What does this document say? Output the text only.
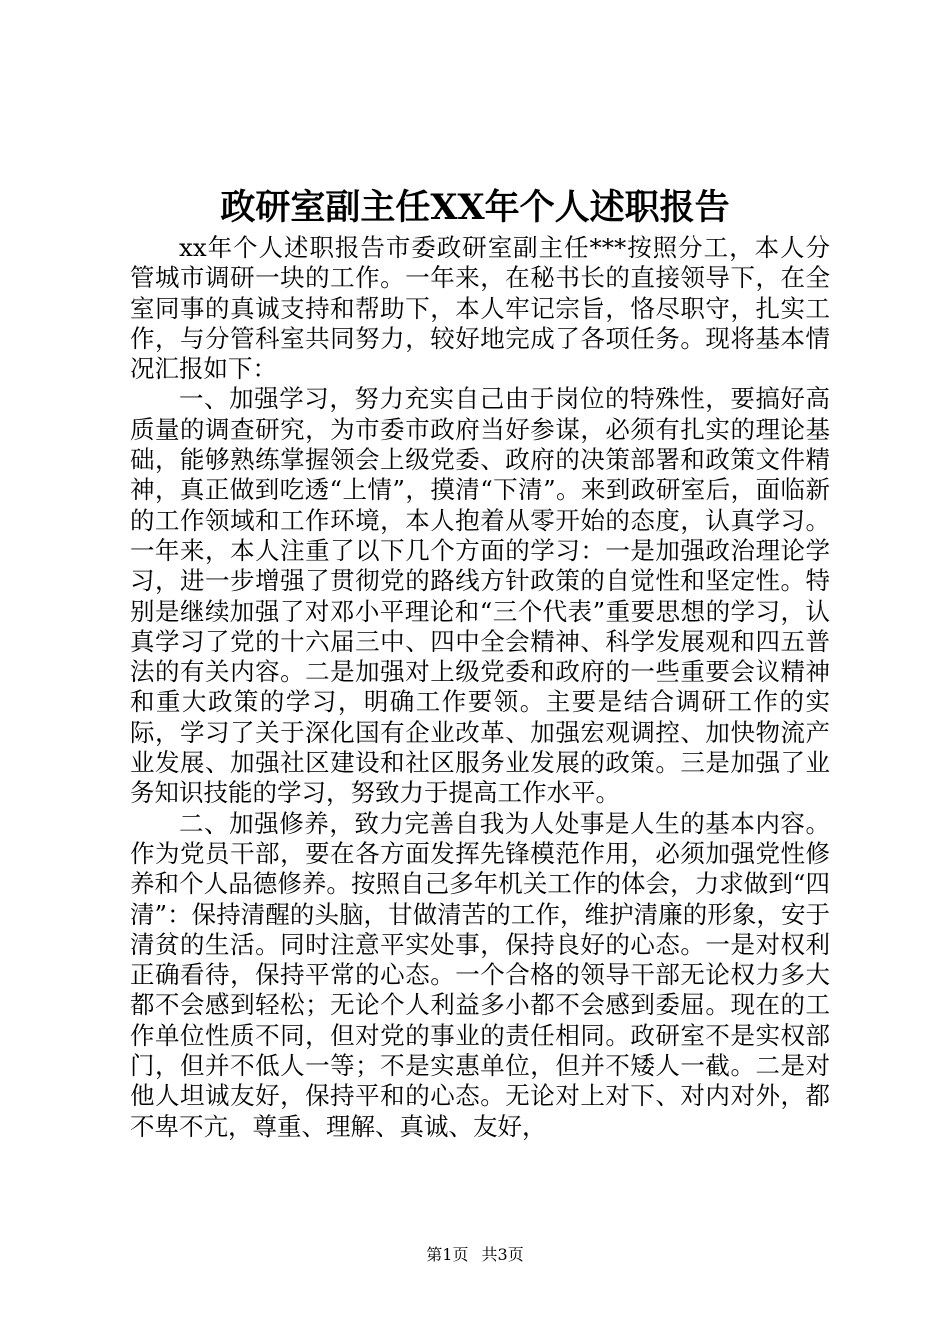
政研室副主任XX年个人述职报告

xx年个人述职报告市委政研室副主任***按照分工，本人分管城市调研一块的工作。一年来，在秘书长的直接领导下，在全室同事的真诚支持和帮助下，本人牢记宗旨，恪尽职守，扎实工作，与分管科室共同努力，较好地完成了各项任务。现将基本情况汇报如下：

一、加强学习，努力充实自己由于岗位的特殊性，要搞好高质量的调查研究，为市委市政府当好参谋，必须有扎实的理论基础，能够熟练掌握领会上级党委、政府的决策部署和政策文件精神，真正做到吃透“上情”，摸清“下清”。来到政研室后，面临新的工作领域和工作环境，本人抱着从零开始的态度，认真学习。一年来，本人注重了以下几个方面的学习：一是加强政治理论学习，进一步增强了贯彻党的路线方针政策的自觉性和坚定性。特别是继续加强了对邓小平理论和“三个代表”重要思想的学习，认真学习了党的十六届三中、四中全会精神、科学发展观和四五普法的有关内容。二是加强对上级党委和政府的一些重要会议精神和重大政策的学习，明确工作要领。主要是结合调研工作的实际，学习了关于深化国有企业改革、加强宏观调控、加快物流产业发展、加强社区建设和社区服务业发展的政策。三是加强了业务知识技能的学习，努致力于提高工作水平。

二、加强修养，致力完善自我为人处事是人生的基本内容。作为党员干部，要在各方面发挥先锋模范作用，必须加强党性修养和个人品德修养。按照自己多年机关工作的体会，力求做到“四清”：保持清醒的头脑，甘做清苦的工作，维护清廉的形象，安于清贫的生活。同时注意平实处事，保持良好的心态。一是对权利正确看待，保持平常的心态。一个合格的领导干部无论权力多大都不会感到轻松；无论个人利益多小都不会感到委屈。现在的工作单位性质不同，但对党的事业的责任相同。政研室不是实权部门，但并不低人一等；不是实惠单位，但并不矮人一截。二是对他人坦诚友好，保持平和的心态。无论对上对下、对内对外，都不卑不亢，尊重、理解、真诚、友好，

第1页 共3页
